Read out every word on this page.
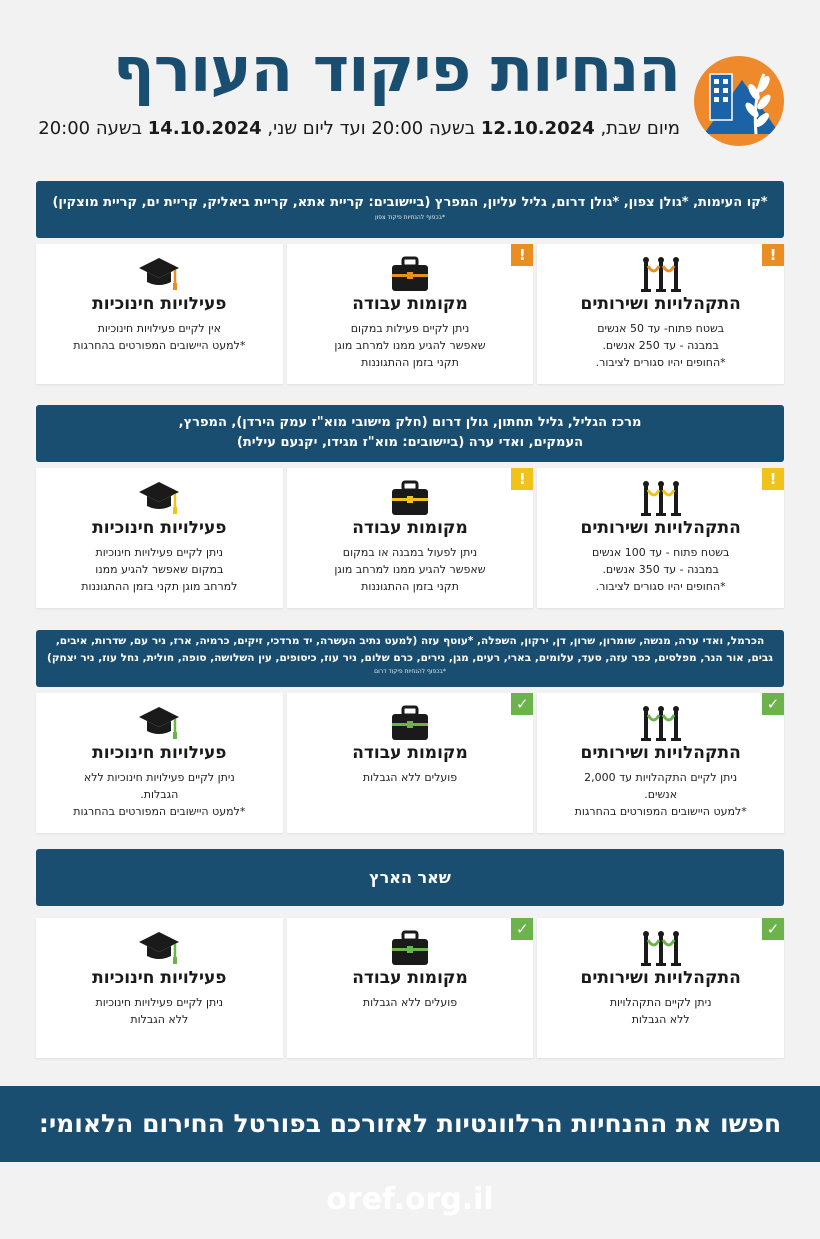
הנחיות פיקוד העורף
מיום שבת, 12.10.2024 בשעה 20:00 ועד ליום שני, 14.10.2024 בשעה 20:00
*קו העימות, *גולן צפון, *גולן דרום, גליל עליון, המפרץ (ביישובים: קריית אתא, קריית ביאליק, קריית ים, קריית מוצקין)
*בכפוף להנחיות פיקוד צפון
!
התקהלויות ושירותים
בשטח פתוח- עד 50 אנשים
במבנה - עד 250 אנשים.
*החופים יהיו סגורים לציבור.
!
מקומות עבודה
ניתן לקיים פעילות במקום
שאפשר להגיע ממנו למרחב מוגן
תקני בזמן ההתגוננות
פעילויות חינוכיות
אין לקיים פעילויות חינוכיות
*למעט היישובים המפורטים בהחרגות
מרכז הגליל, גליל תחתון, גולן דרום (חלק מישובי מוא"ז עמק הירדן), המפרץ,
העמקים, ואדי ערה (ביישובים: מוא"ז מגידו, יקנעם עילית)
!
התקהלויות ושירותים
בשטח פתוח - עד 100 אנשים
במבנה - עד 350 אנשים.
*החופים יהיו סגורים לציבור.
!
מקומות עבודה
ניתן לפעול במבנה או במקום
שאפשר להגיע ממנו למרחב מוגן
תקני בזמן ההתגוננות
פעילויות חינוכיות
ניתן לקיים פעילויות חינוכיות
במקום שאפשר להגיע ממנו
למרחב מוגן תקני בזמן ההתגוננות
הכרמל, ואדי ערה, מנשה, שומרון, שרון, דן, ירקון, השפלה, *עוטף עזה (למעט נתיב העשרה, יד מרדכי, זיקים, כרמיה, ארז, ניר עם, שדרות, איבים, גבים, אור הנר, מפלסים, כפר עזה, סעד, עלומים, בארי, רעים, מגן, נירים, כרם שלום, ניר עוז, כיסופים, עין השלושה, סופה, חולית, נחל עוז, ניר יצחק)
*בכפוף להנחיות פיקוד דרום
✓
התקהלויות ושירותים
ניתן לקיים התקהלויות עד 2,000
אנשים.
*למעט היישובים המפורטים בהחרגות
✓
מקומות עבודה
פועלים ללא הגבלות
פעילויות חינוכיות
ניתן לקיים פעילויות חינוכיות ללא
הגבלות.
*למעט היישובים המפורטים בהחרגות
שאר הארץ
✓
התקהלויות ושירותים
ניתן לקיים התקהלויות
ללא הגבלות
✓
מקומות עבודה
פועלים ללא הגבלות
פעילויות חינוכיות
ניתן לקיים פעילויות חינוכיות
ללא הגבלות
חפשו את ההנחיות הרלוונטיות לאזורכם בפורטל החירום הלאומי: oref.org.il
